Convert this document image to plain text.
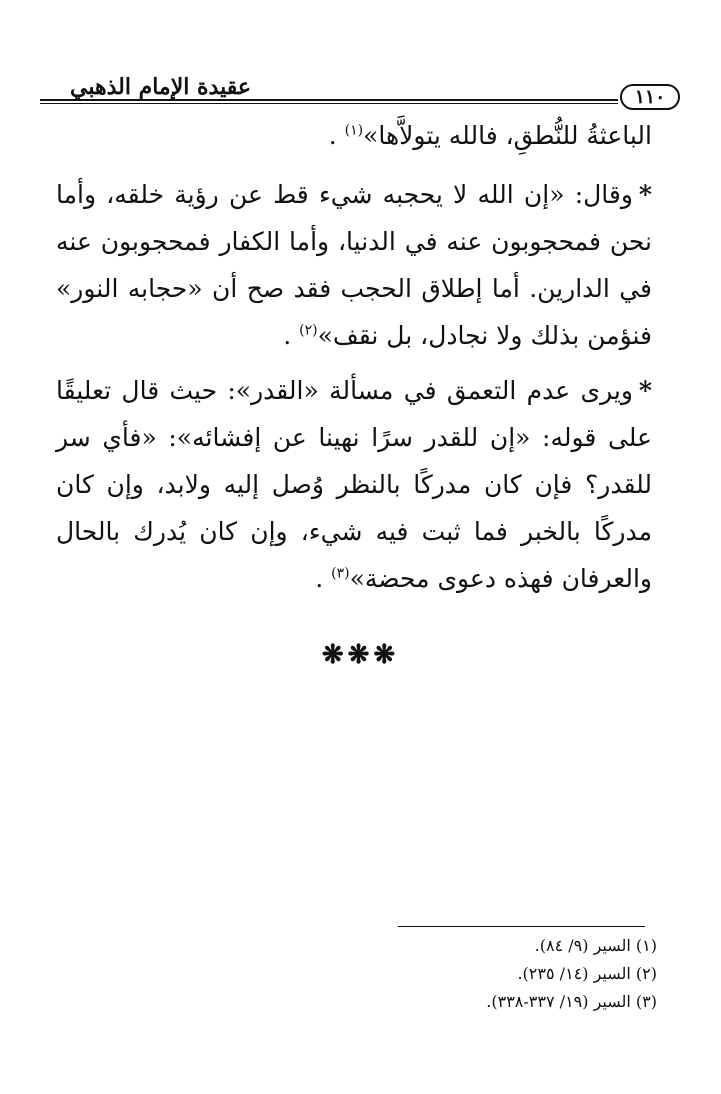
عقيدة الإمام الذهبي	١١٠

الباعثةُ للنُّطقِ، فالله يتولاَّها»$^{(١)}$ .

*وقال: «إن الله لا يحجبه شيء قط عن رؤية خلقه، وأما نحن فمحجوبون عنه في الدنيا، وأما الكفار فمحجوبون عنه في الدارين. أما إطلاق الحجب فقد صح أن «حجابه النور» فنؤمن بذلك ولا نجادل، بل نقف»$^{(٢)}$ .

*ويرى عدم التعمق في مسألة «القدر»: حيث قال تعليقًا على قوله: «إن للقدر سرًا نهينا عن إفشائه»: «فأي سر للقدر؟ فإن كان مدركًا بالنظر وُصل إليه ولابد، وإن كان مدركًا بالخبر فما ثبت فيه شيء، وإن كان يُدرك بالحال والعرفان فهذه دعوى محضة»$^{(٣)}$ .

❋❋❋

(١) السير (٩/ ٨٤).

(٢) السير (١٤/ ٢٣٥).

(٣) السير (١٩/ ٣٣٧-٣٣٨).
